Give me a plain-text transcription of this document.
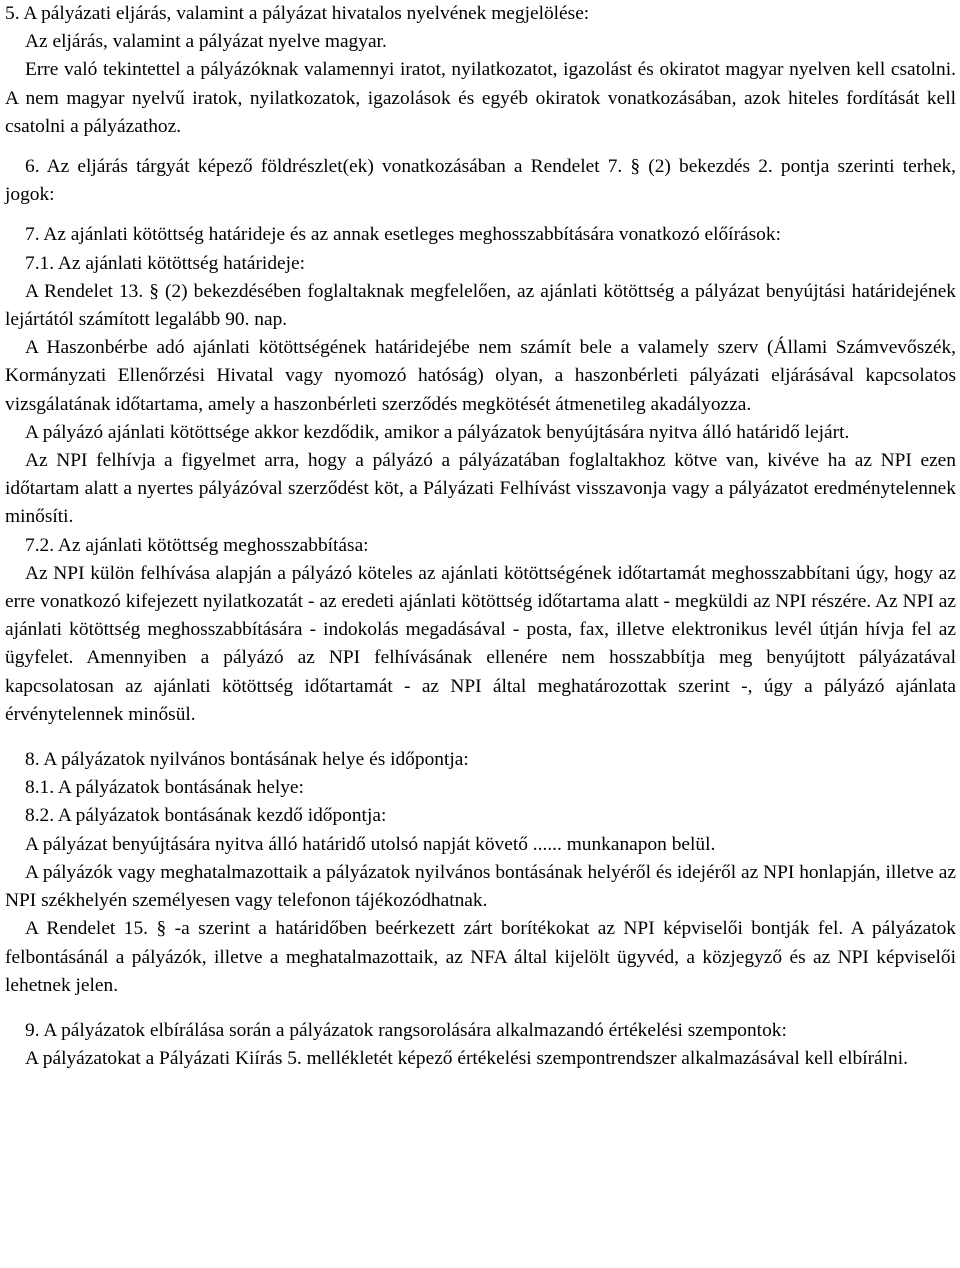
5. A pályázati eljárás, valamint a pályázat hivatalos nyelvének megjelölése:

Az eljárás, valamint a pályázat nyelve magyar.

Erre való tekintettel a pályázóknak valamennyi iratot, nyilatkozatot, igazolást és okiratot magyar nyelven kell csatolni. A nem magyar nyelvű iratok, nyilatkozatok, igazolások és egyéb okiratok vonatkozásában, azok hiteles fordítását kell csatolni a pályázathoz.

6. Az eljárás tárgyát képező földrészlet(ek) vonatkozásában a Rendelet 7. § (2) bekezdés 2. pontja szerinti terhek, jogok:

7. Az ajánlati kötöttség határideje és az annak esetleges meghosszabbítására vonatkozó előírások:

7.1. Az ajánlati kötöttség határideje:

A Rendelet 13. § (2) bekezdésében foglaltaknak megfelelően, az ajánlati kötöttség a pályázat benyújtási határidejének lejártától számított legalább 90. nap.

A Haszonbérbe adó ajánlati kötöttségének határidejébe nem számít bele a valamely szerv (Állami Számvevőszék, Kormányzati Ellenőrzési Hivatal vagy nyomozó hatóság) olyan, a haszonbérleti pályázati eljárásával kapcsolatos vizsgálatának időtartama, amely a haszonbérleti szerződés megkötését átmenetileg akadályozza.

A pályázó ajánlati kötöttsége akkor kezdődik, amikor a pályázatok benyújtására nyitva álló határidő lejárt.

Az NPI felhívja a figyelmet arra, hogy a pályázó a pályázatában foglaltakhoz kötve van, kivéve ha az NPI ezen időtartam alatt a nyertes pályázóval szerződést köt, a Pályázati Felhívást visszavonja vagy a pályázatot eredménytelennek minősíti.

7.2. Az ajánlati kötöttség meghosszabbítása:

Az NPI külön felhívása alapján a pályázó köteles az ajánlati kötöttségének időtartamát meghosszabbítani úgy, hogy az erre vonatkozó kifejezett nyilatkozatát - az eredeti ajánlati kötöttség időtartama alatt - megküldi az NPI részére. Az NPI az ajánlati kötöttség meghosszabbítására - indokolás megadásával - posta, fax, illetve elektronikus levél útján hívja fel az ügyfelet. Amennyiben a pályázó az NPI felhívásának ellenére nem hosszabbítja meg benyújtott pályázatával kapcsolatosan az ajánlati kötöttség időtartamát - az NPI által meghatározottak szerint -, úgy a pályázó ajánlata érvénytelennek minősül.

8. A pályázatok nyilvános bontásának helye és időpontja:

8.1. A pályázatok bontásának helye:

8.2. A pályázatok bontásának kezdő időpontja:

A pályázat benyújtására nyitva álló határidő utolsó napját követő ...... munkanapon belül.

A pályázók vagy meghatalmazottaik a pályázatok nyilvános bontásának helyéről és idejéről az NPI honlapján, illetve az NPI székhelyén személyesen vagy telefonon tájékozódhatnak.

A Rendelet 15. § -a szerint a határidőben beérkezett zárt borítékokat az NPI képviselői bontják fel. A pályázatok felbontásánál a pályázók, illetve a meghatalmazottaik, az NFA által kijelölt ügyvéd, a közjegyző és az NPI képviselői lehetnek jelen.

9. A pályázatok elbírálása során a pályázatok rangsorolására alkalmazandó értékelési szempontok:

A pályázatokat a Pályázati Kiírás 5. mellékletét képező értékelési szempontrendszer alkalmazásával kell elbírálni.
